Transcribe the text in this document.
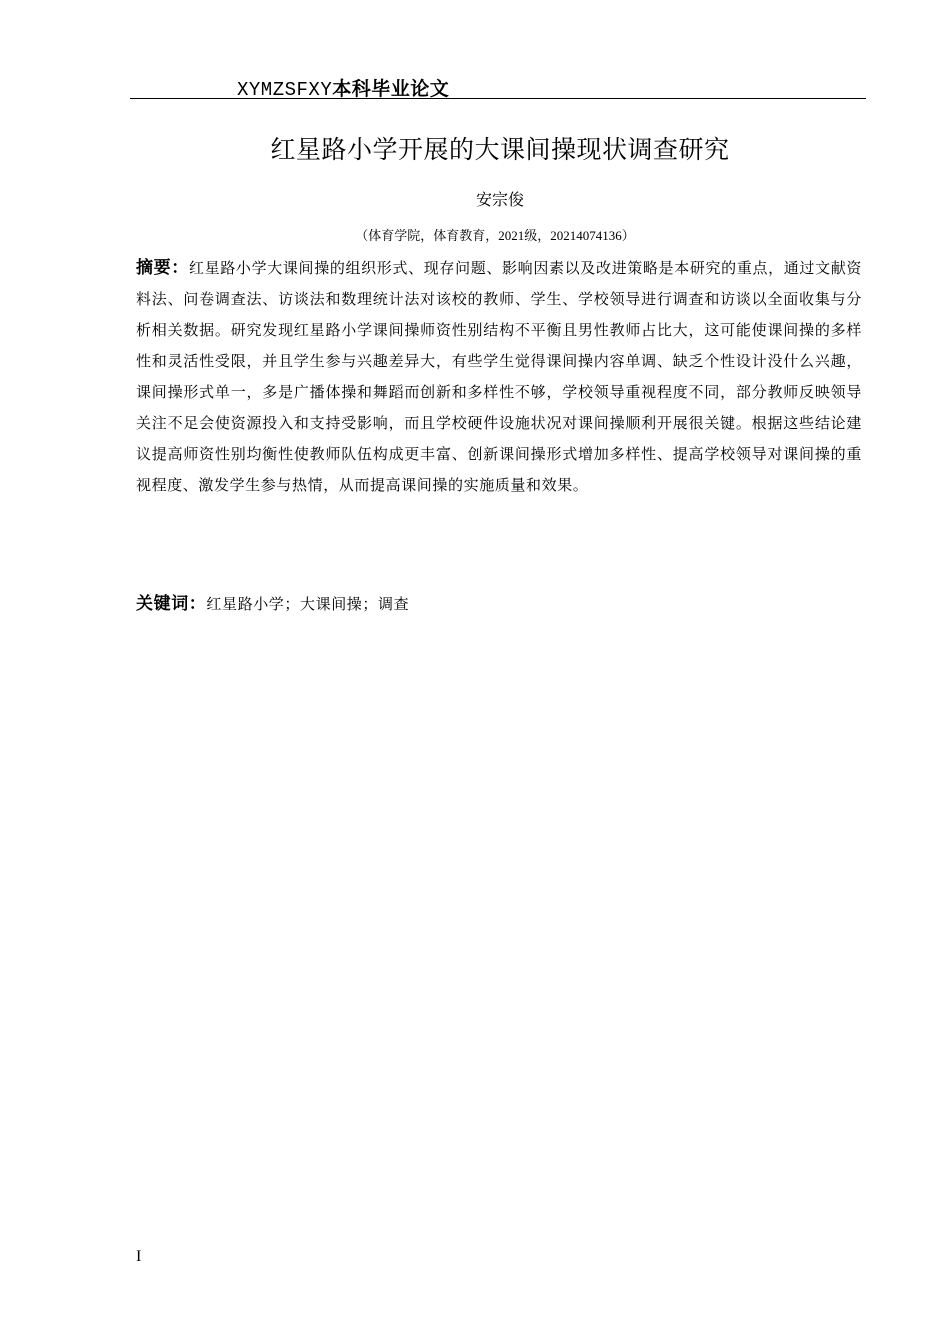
XYMZSFXY本科毕业论文
红星路小学开展的大课间操现状调查研究
安宗俊
（体育学院，体育教育，2021级，20214074136）
摘要：红星路小学大课间操的组织形式、现存问题、影响因素以及改进策略是本研究的重点，通过文献资料法、问卷调查法、访谈法和数理统计法对该校的教师、学生、学校领导进行调查和访谈以全面收集与分析相关数据。研究发现红星路小学课间操师资性别结构不平衡且男性教师占比大，这可能使课间操的多样性和灵活性受限，并且学生参与兴趣差异大，有些学生觉得课间操内容单调、缺乏个性设计没什么兴趣，课间操形式单一，多是广播体操和舞蹈而创新和多样性不够，学校领导重视程度不同，部分教师反映领导关注不足会使资源投入和支持受影响，而且学校硬件设施状况对课间操顺利开展很关键。根据这些结论建议提高师资性别均衡性使教师队伍构成更丰富、创新课间操形式增加多样性、提高学校领导对课间操的重视程度、激发学生参与热情，从而提高课间操的实施质量和效果。
关键词：红星路小学；大课间操；调查
I
